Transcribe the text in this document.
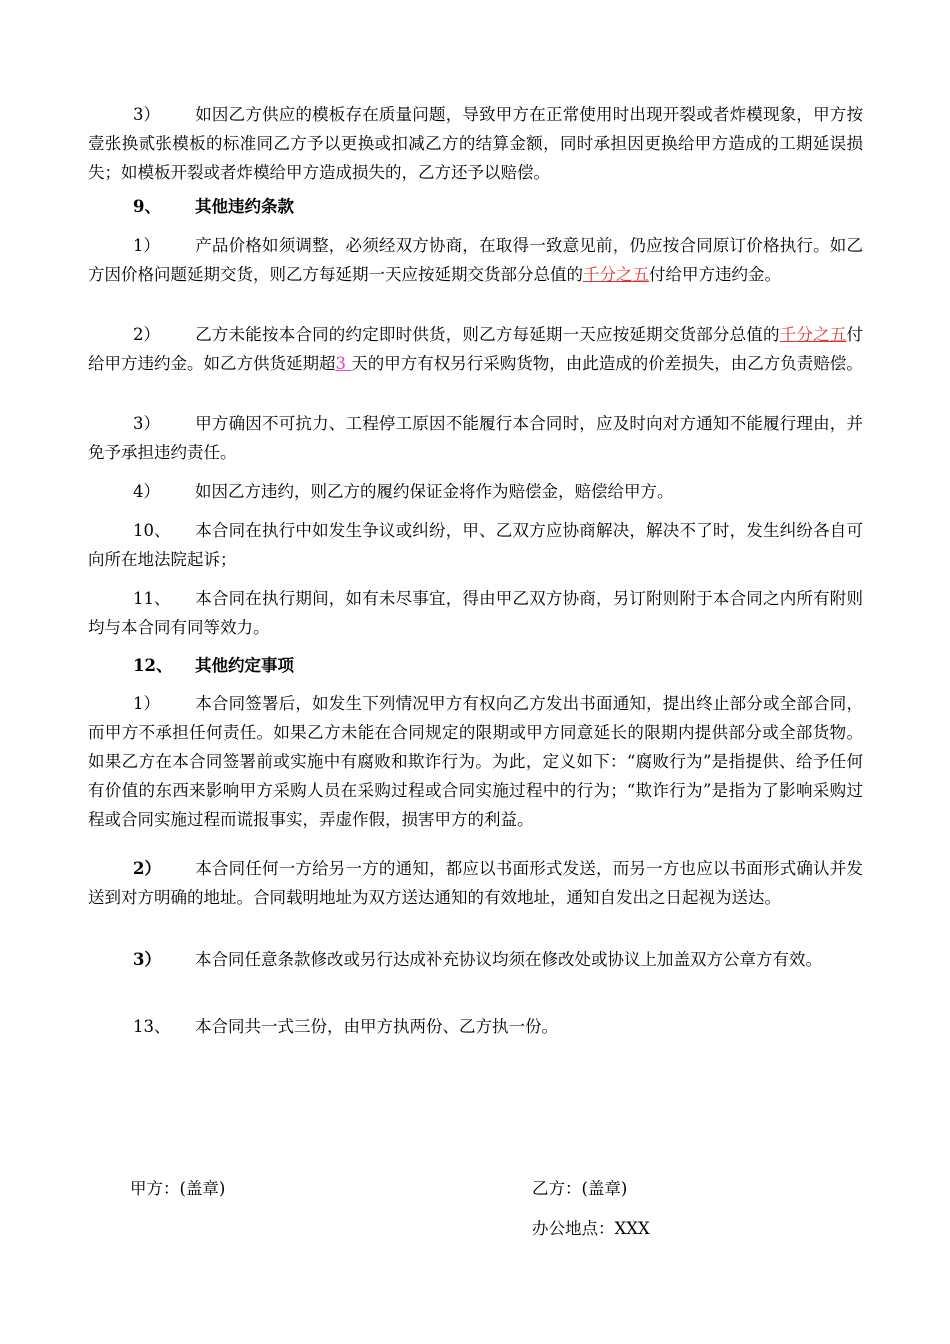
3） 如因乙方供应的模板存在质量问题，导致甲方在正常使用时出现开裂或者炸模现象，甲方按壹张换贰张模板的标准同乙方予以更换或扣减乙方的结算金额，同时承担因更换给甲方造成的工期延误损失；如模板开裂或者炸模给甲方造成损失的，乙方还予以赔偿。

9、 其他违约条款

1） 产品价格如须调整，必须经双方协商，在取得一致意见前，仍应按合同原订价格执行。如乙方因价格问题延期交货，则乙方每延期一天应按延期交货部分总值的千分之五付给甲方违约金。

2） 乙方未能按本合同的约定即时供货，则乙方每延期一天应按延期交货部分总值的千分之五付给甲方违约金。如乙方供货延期超3 天的甲方有权另行采购货物，由此造成的价差损失，由乙方负责赔偿。

3） 甲方确因不可抗力、工程停工原因不能履行本合同时，应及时向对方通知不能履行理由，并免予承担违约责任。

4） 如因乙方违约，则乙方的履约保证金将作为赔偿金，赔偿给甲方。

10、 本合同在执行中如发生争议或纠纷，甲、乙双方应协商解决，解决不了时，发生纠纷各自可向所在地法院起诉；

11、 本合同在执行期间，如有未尽事宜，得由甲乙双方协商，另订附则附于本合同之内所有附则均与本合同有同等效力。

12、 其他约定事项

1） 本合同签署后，如发生下列情况甲方有权向乙方发出书面通知，提出终止部分或全部合同，而甲方不承担任何责任。如果乙方未能在合同规定的限期或甲方同意延长的限期内提供部分或全部货物。如果乙方在本合同签署前或实施中有腐败和欺诈行为。为此，定义如下：“腐败行为”是指提供、给予任何有价值的东西来影响甲方采购人员在采购过程或合同实施过程中的行为；“欺诈行为”是指为了影响采购过程或合同实施过程而谎报事实，弄虚作假，损害甲方的利益。

2） 本合同任何一方给另一方的通知，都应以书面形式发送，而另一方也应以书面形式确认并发送到对方明确的地址。合同载明地址为双方送达通知的有效地址，通知自发出之日起视为送达。

3） 本合同任意条款修改或另行达成补充协议均须在修改处或协议上加盖双方公章方有效。

13、 本合同共一式三份，由甲方执两份、乙方执一份。

甲方：(盖章)	乙方：(盖章)
办公地点：XXX
